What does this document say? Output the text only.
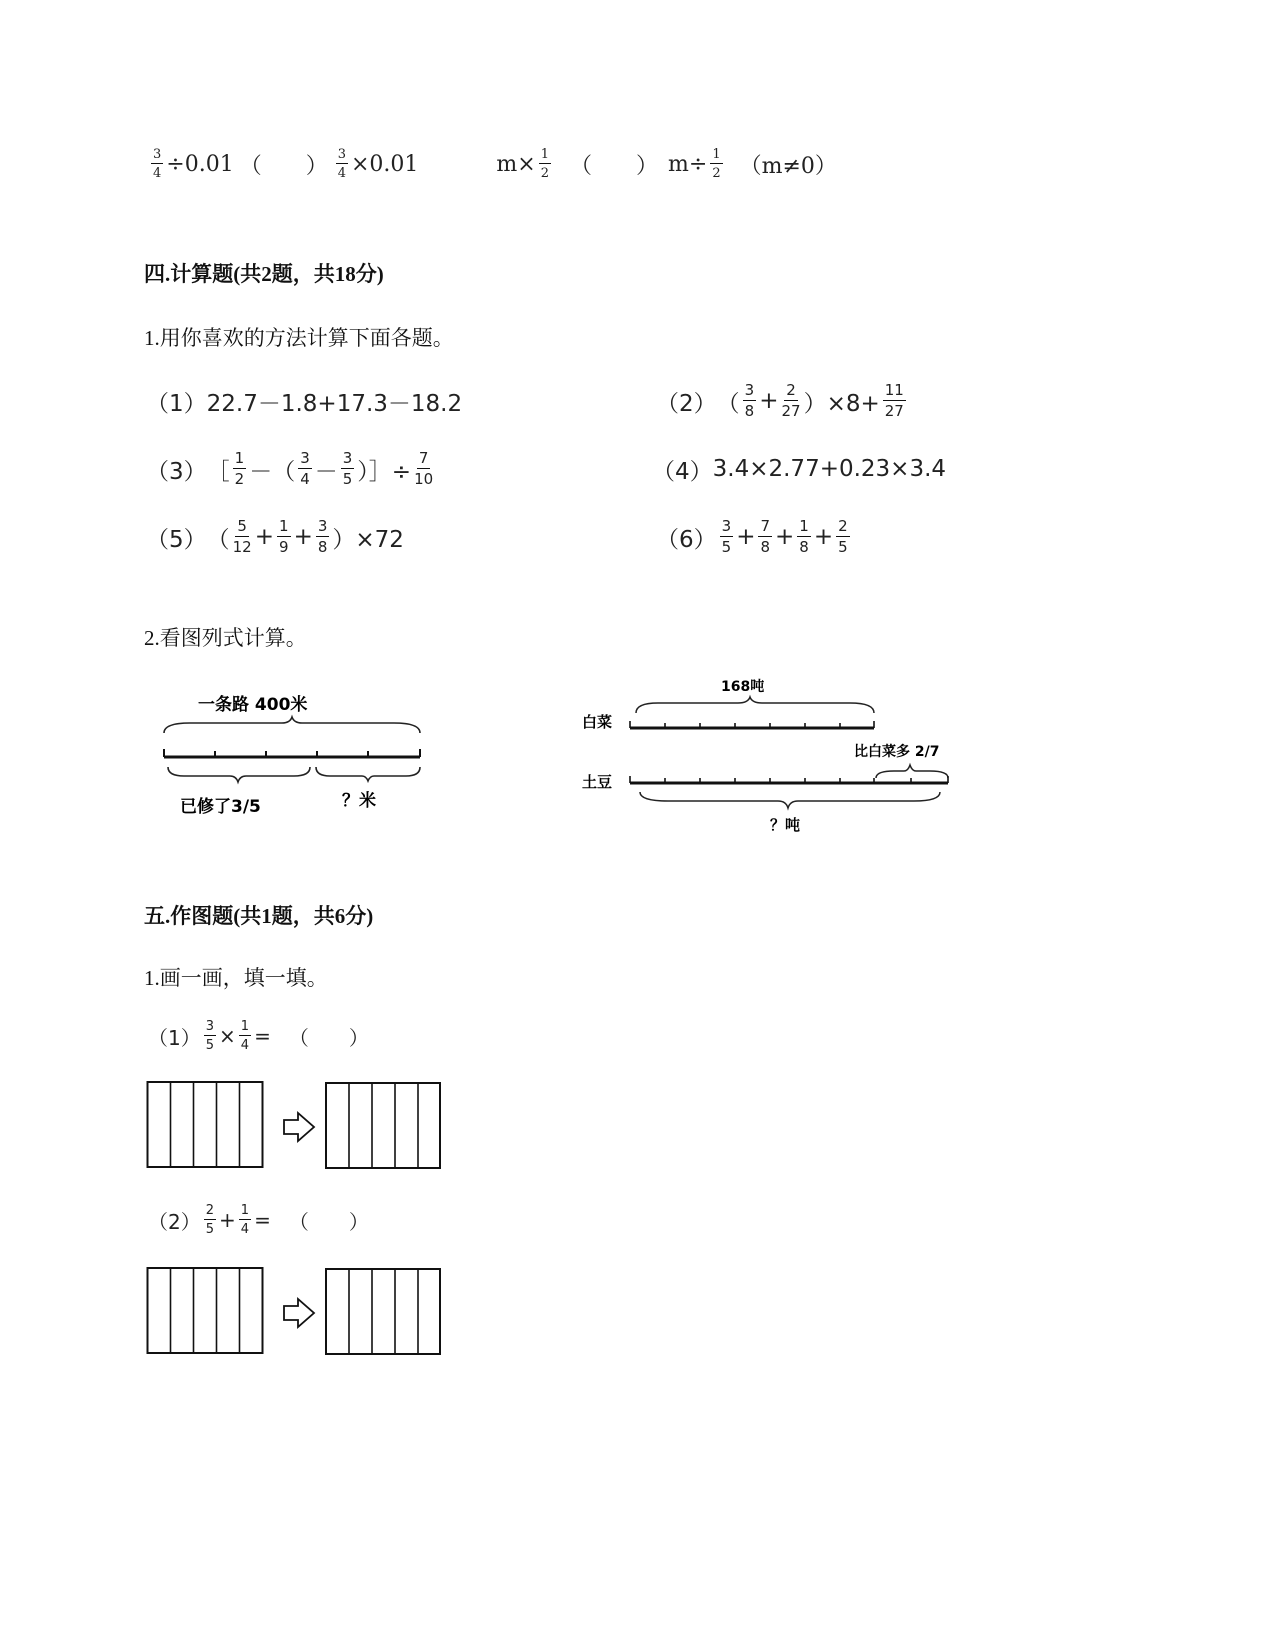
$\frac{3}{4} \div 0.01$ （　　） $\frac{3}{4} \times 0.01$	$m\times \frac{1}{2}$ （　　） $m\div \frac{1}{2} (m\ne 0)$
四.计算题(共2题，共18分)
1.用你喜欢的方法计算下面各题。
（1） 22.7－1.8+17.3－18.2	（2） （ $\frac{3}{8} + \frac{2}{27} )\times 8+ \frac{11}{27}$
（3） ［ $\frac{1}{2}$ －（ $\frac{3}{4} - \frac{3}{5}$ ）］÷ $\frac{7}{10}$	（4） 3.4×2.77+0.23×3.4
（5） （ $\frac{5}{12} + \frac{1}{9} + \frac{3}{8} )\times 72$	$(6) \frac{3}{5} + \frac{7}{8} + \frac{1}{8} + \frac{2}{5}$
2.看图列式计算。
一条路 400米
已修了3/5	？米
168吨
白菜
比白菜多 2/7
土豆
？吨
五.作图题(共1题，共6分)
1.画一画，填一填。
$(1) \frac{3}{5} \times \frac{1}{4}$ = （　　）
$(2) \frac{2}{5} + \frac{1}{4}$ = （　　）
